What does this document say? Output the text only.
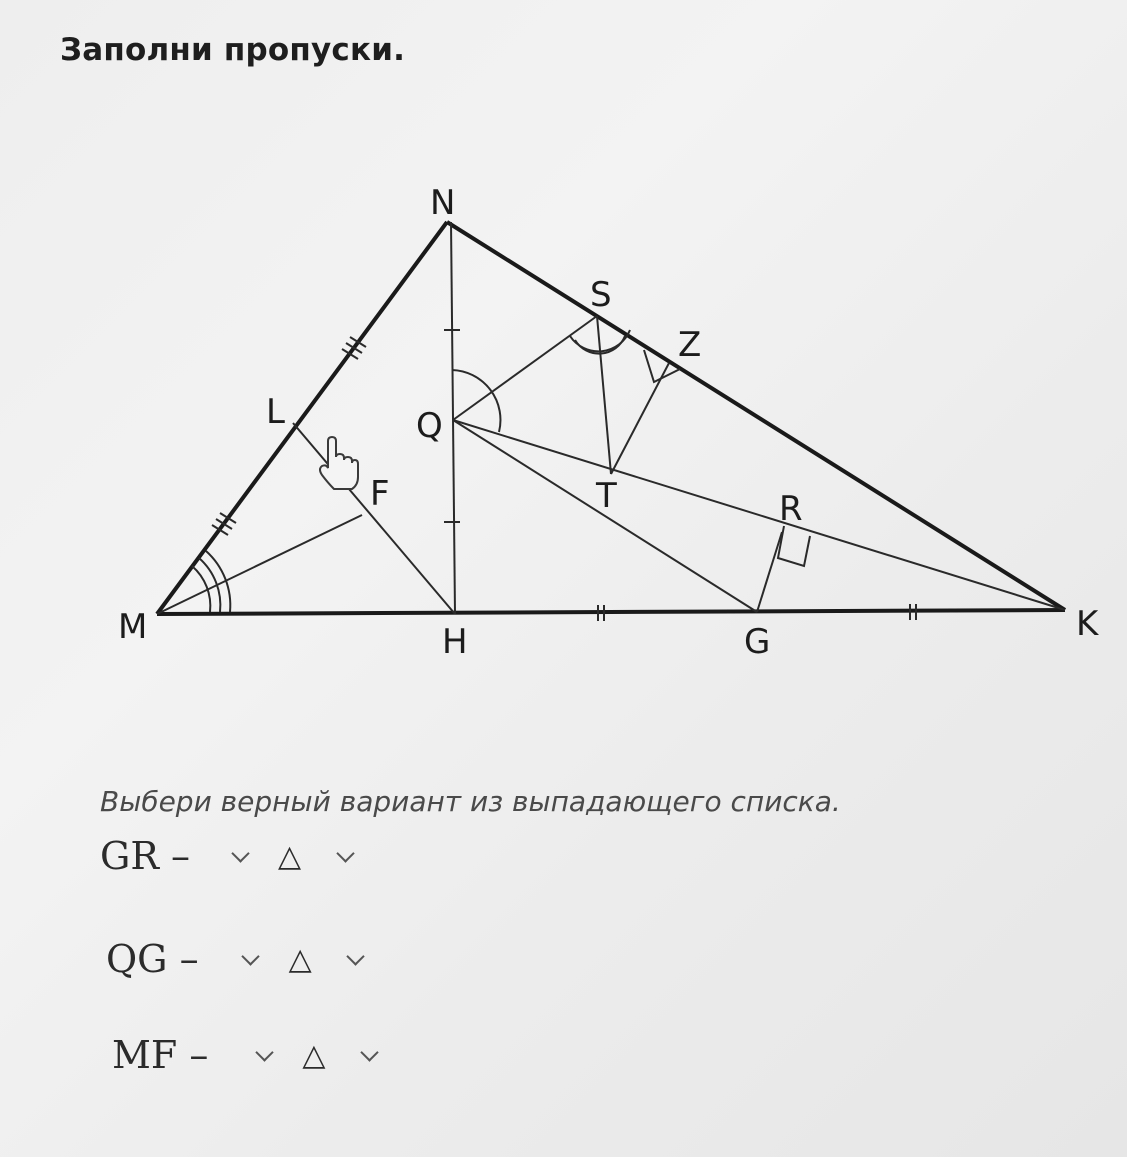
Заполни пропуски.
N
S
Z
L	Q
F	T	R
M	H	G	K
Выбери верный вариант из выпадающего списка.
GR –	△
QG –	△
MF –	△
